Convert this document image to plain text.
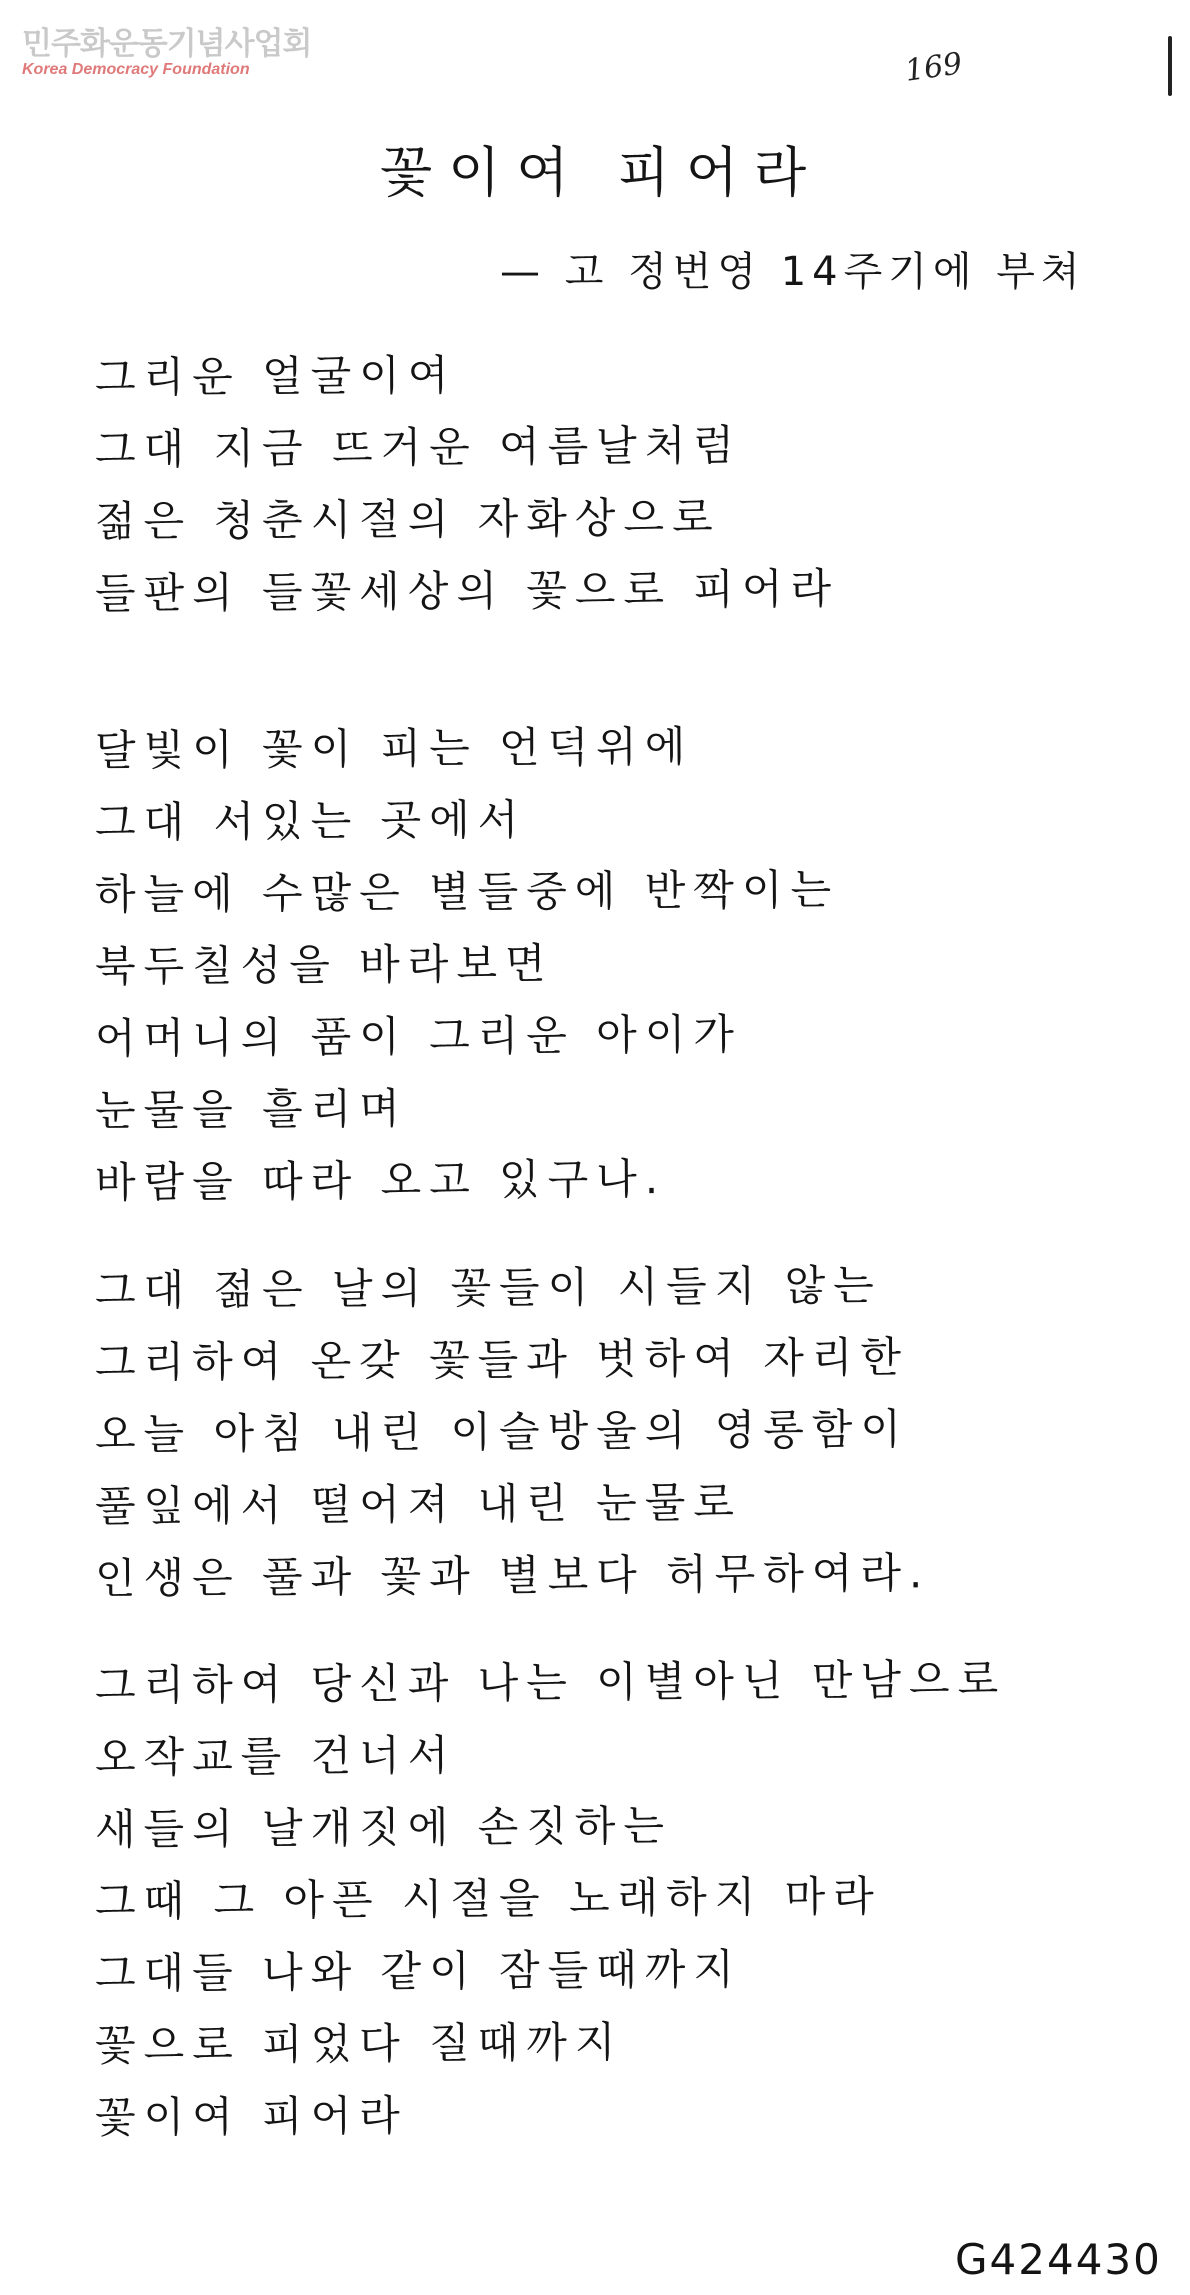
민주화운동기념사업회
Korea Democracy Foundation	169
꽃이여 피어라
— 고 정번영 14주기에 부쳐
그리운 얼굴이여
그대 지금 뜨거운 여름날처럼
젊은 청춘시절의 자화상으로
들판의 들꽃세상의 꽃으로 피어라
달빛이 꽃이 피는 언덕위에
그대 서있는 곳에서
하늘에 수많은 별들중에 반짝이는
북두칠성을 바라보면
어머니의 품이 그리운 아이가
눈물을 흘리며
바람을 따라 오고 있구나.
그대 젊은 날의 꽃들이 시들지 않는
그리하여 온갖 꽃들과 벗하여 자리한
오늘 아침 내린 이슬방울의 영롱함이
풀잎에서 떨어져 내린 눈물로
인생은 풀과 꽃과 별보다 허무하여라.
그리하여 당신과 나는 이별아닌 만남으로
오작교를 건너서
새들의 날개짓에 손짓하는
그때 그 아픈 시절을 노래하지 마라
그대들 나와 같이 잠들때까지
꽃으로 피었다 질때까지
꽃이여 피어라
G424430
